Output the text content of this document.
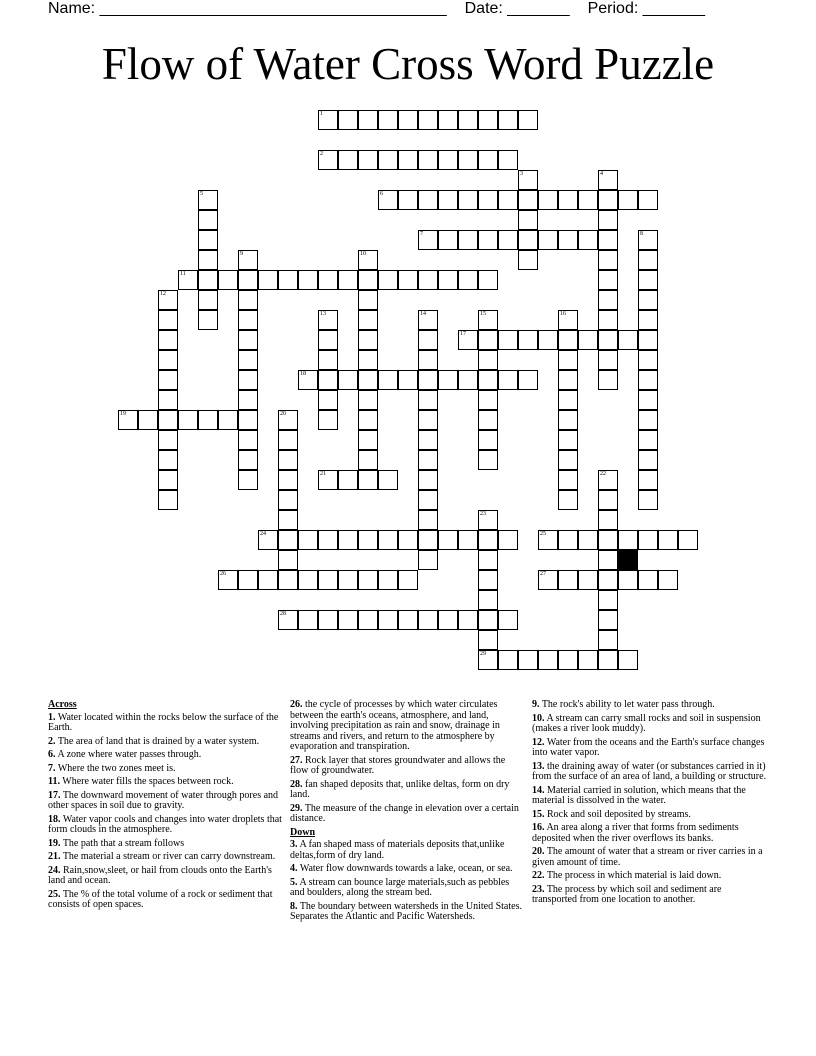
Name: _______________________________________ Date: _______ Period: _______
Flow of Water Cross Word Puzzle
1
2
6
7
11
17
18
19
21
24	25
26	27
28
29
3	4
5
8
9	10
12
13	14	15	16
20
22
23
Across
1. Water located within the rocks below the surface of the Earth.
2. The area of land that is drained by a water system.
6. A zone where water passes through.
7. Where the two zones meet is.
11. Where water fills the spaces between rock.
17. The downward movement of water through pores and other spaces in soil due to gravity.
18. Water vapor cools and changes into water droplets that form clouds in the atmosphere.
19. The path that a stream follows
21. The material a stream or river can carry downstream.
24. Rain,snow,sleet, or hail from clouds onto the Earth's land and ocean.
25. The % of the total volume of a rock or sediment that consists of open spaces.
26. the cycle of processes by which water circulates between the earth's oceans, atmosphere, and land, involving precipitation as rain and snow, drainage in streams and rivers, and return to the atmosphere by evaporation and transpiration.
27. Rock layer that stores groundwater and allows the flow of groundwater.
28. fan shaped deposits that, unlike deltas, form on dry land.
29. The measure of the change in elevation over a certain distance.
Down
3. A fan shaped mass of materials deposits that,unlike deltas,form of dry land.
4. Water flow downwards towards a lake, ocean, or sea.
5. A stream can bounce large materials,such as pebbles and boulders, along the stream bed.
8. The boundary between watersheds in the United States. Separates the Atlantic and Pacific Watersheds.
9. The rock's ability to let water pass through.
10. A stream can carry small rocks and soil in suspension (makes a river look muddy).
12. Water from the oceans and the Earth's surface changes into water vapor.
13. the draining away of water (or substances carried in it) from the surface of an area of land, a building or structure.
14. Material carried in solution, which means that the material is dissolved in the water.
15. Rock and soil deposited by streams.
16. An area along a river that forms from sediments deposited when the river overflows its banks.
20. The amount of water that a stream or river carries in a given amount of time.
22. The process in which material is laid down.
23. The process by which soil and sediment are transported from one location to another.
